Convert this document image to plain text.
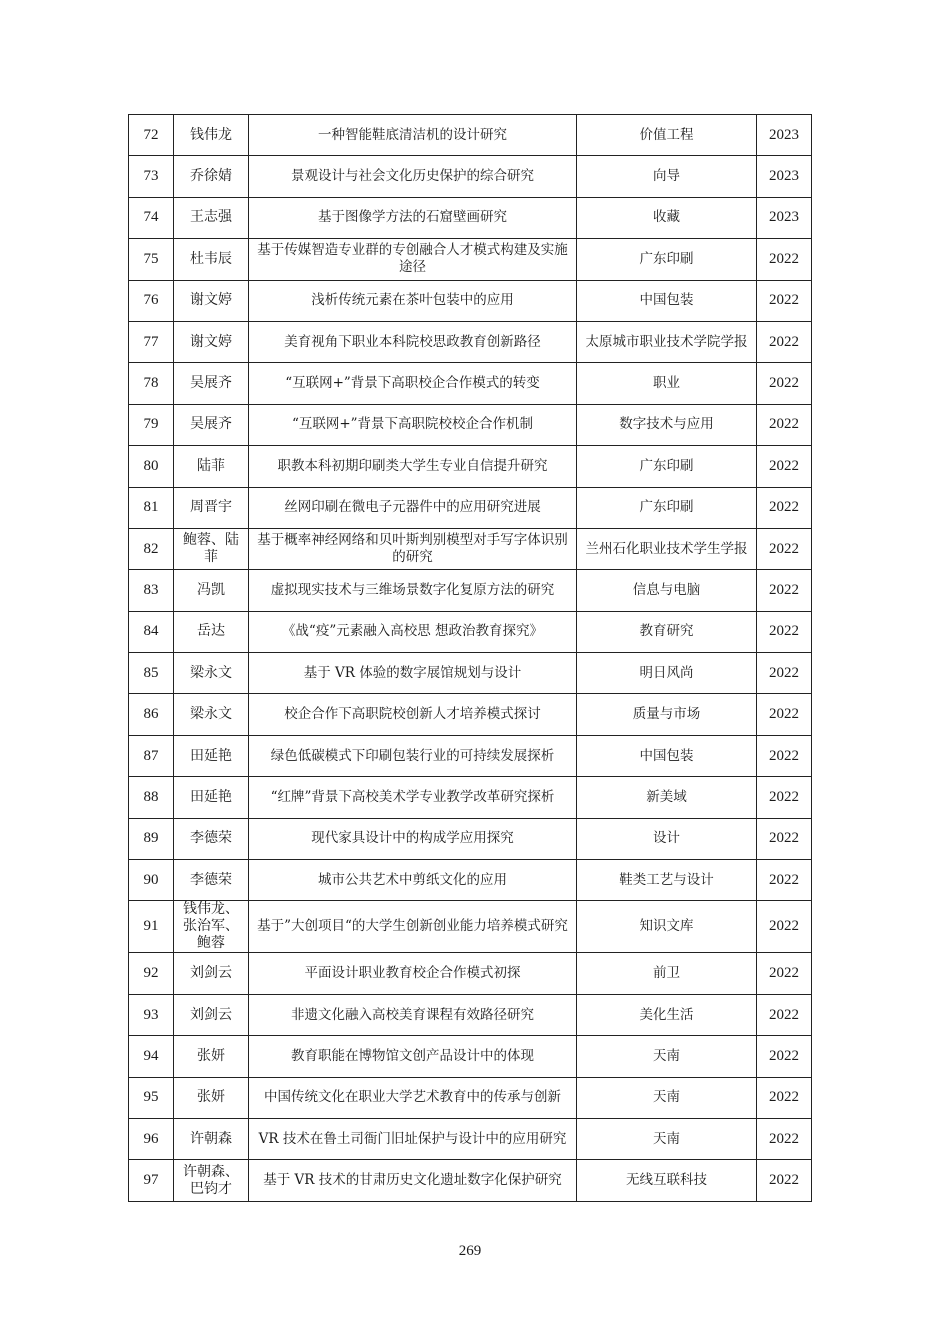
72	钱伟龙	一种智能鞋底清洁机的设计研究	价值工程	2023
73	乔徐婧	景观设计与社会文化历史保护的综合研究	向导	2023
74	王志强	基于图像学方法的石窟壁画研究	收藏	2023
75	杜韦辰	基于传媒智造专业群的专创融合人才模式构建及实施途径	广东印刷	2022
76	谢文婷	浅析传统元素在茶叶包装中的应用	中国包装	2022
77	谢文婷	美育视角下职业本科院校思政教育创新路径	太原城市职业技术学院学报	2022
78	吴展齐	“互联网+”背景下高职校企合作模式的转变	职业	2022
79	吴展齐	“互联网+”背景下高职院校校企合作机制	数字技术与应用	2022
80	陆菲	职教本科初期印刷类大学生专业自信提升研究	广东印刷	2022
81	周晋宇	丝网印刷在微电子元器件中的应用研究进展	广东印刷	2022
82	鲍蓉、陆菲	基于概率神经网络和贝叶斯判别模型对手写字体识别的研究	兰州石化职业技术学生学报	2022
83	冯凯	虚拟现实技术与三维场景数字化复原方法的研究	信息与电脑	2022
84	岳达	《战“疫”元素融入高校思 想政治教育探究》	教育研究	2022
85	梁永文	基于 VR 体验的数字展馆规划与设计	明日风尚	2022
86	梁永文	校企合作下高职院校创新人才培养模式探讨	质量与市场	2022
87	田延艳	绿色低碳模式下印刷包装行业的可持续发展探析	中国包装	2022
88	田延艳	“红牌”背景下高校美术学专业教学改革研究探析	新美域	2022
89	李德荣	现代家具设计中的构成学应用探究	设计	2022
90	李德荣	城市公共艺术中剪纸文化的应用	鞋类工艺与设计	2022
91	钱伟龙、张治军、鲍蓉	基于”大创项目“的大学生创新创业能力培养模式研究	知识文库	2022
92	刘剑云	平面设计职业教育校企合作模式初探	前卫	2022
93	刘剑云	非遗文化融入高校美育课程有效路径研究	美化生活	2022
94	张妍	教育职能在博物馆文创产品设计中的体现	天南	2022
95	张妍	中国传统文化在职业大学艺术教育中的传承与创新	天南	2022
96	许朝森	VR 技术在鲁土司衙门旧址保护与设计中的应用研究	天南	2022
97	许朝森、巴钧才	基于 VR 技术的甘肃历史文化遗址数字化保护研究	无线互联科技	2022
269
